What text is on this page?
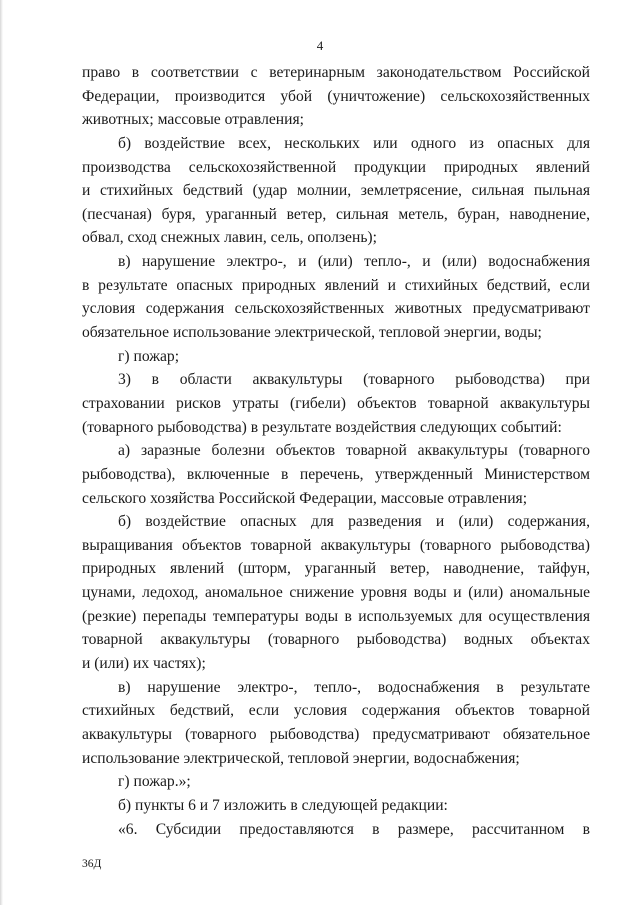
4
право в соответствии с ветеринарным законодательством Российской
Федерации, производится убой (уничтожение) сельскохозяйственных
животных; массовые отравления;
б) воздействие всех, нескольких или одного из опасных для
производства сельскохозяйственной продукции природных явлений
и стихийных бедствий (удар молнии, землетрясение, сильная пыльная
(песчаная) буря, ураганный ветер, сильная метель, буран, наводнение,
обвал, сход снежных лавин, сель, оползень);
в) нарушение электро-, и (или) тепло-, и (или) водоснабжения
в результате опасных природных явлений и стихийных бедствий, если
условия содержания сельскохозяйственных животных предусматривают
обязательное использование электрической, тепловой энергии, воды;
г) пожар;
3) в области аквакультуры (товарного рыбоводства) при
страховании рисков утраты (гибели) объектов товарной аквакультуры
(товарного рыбоводства) в результате воздействия следующих событий:
а) заразные болезни объектов товарной аквакультуры (товарного
рыбоводства), включенные в перечень, утвержденный Министерством
сельского хозяйства Российской Федерации, массовые отравления;
б) воздействие опасных для разведения и (или) содержания,
выращивания объектов товарной аквакультуры (товарного рыбоводства)
природных явлений (шторм, ураганный ветер, наводнение, тайфун,
цунами, ледоход, аномальное снижение уровня воды и (или) аномальные
(резкие) перепады температуры воды в используемых для осуществления
товарной аквакультуры (товарного рыбоводства) водных объектах
и (или) их частях);
в) нарушение электро-, тепло-, водоснабжения в результате
стихийных бедствий, если условия содержания объектов товарной
аквакультуры (товарного рыбоводства) предусматривают обязательное
использование электрической, тепловой энергии, водоснабжения;
г) пожар.»;
б) пункты 6 и 7 изложить в следующей редакции:
«6. Субсидии предоставляются в размере, рассчитанном в
36Д
